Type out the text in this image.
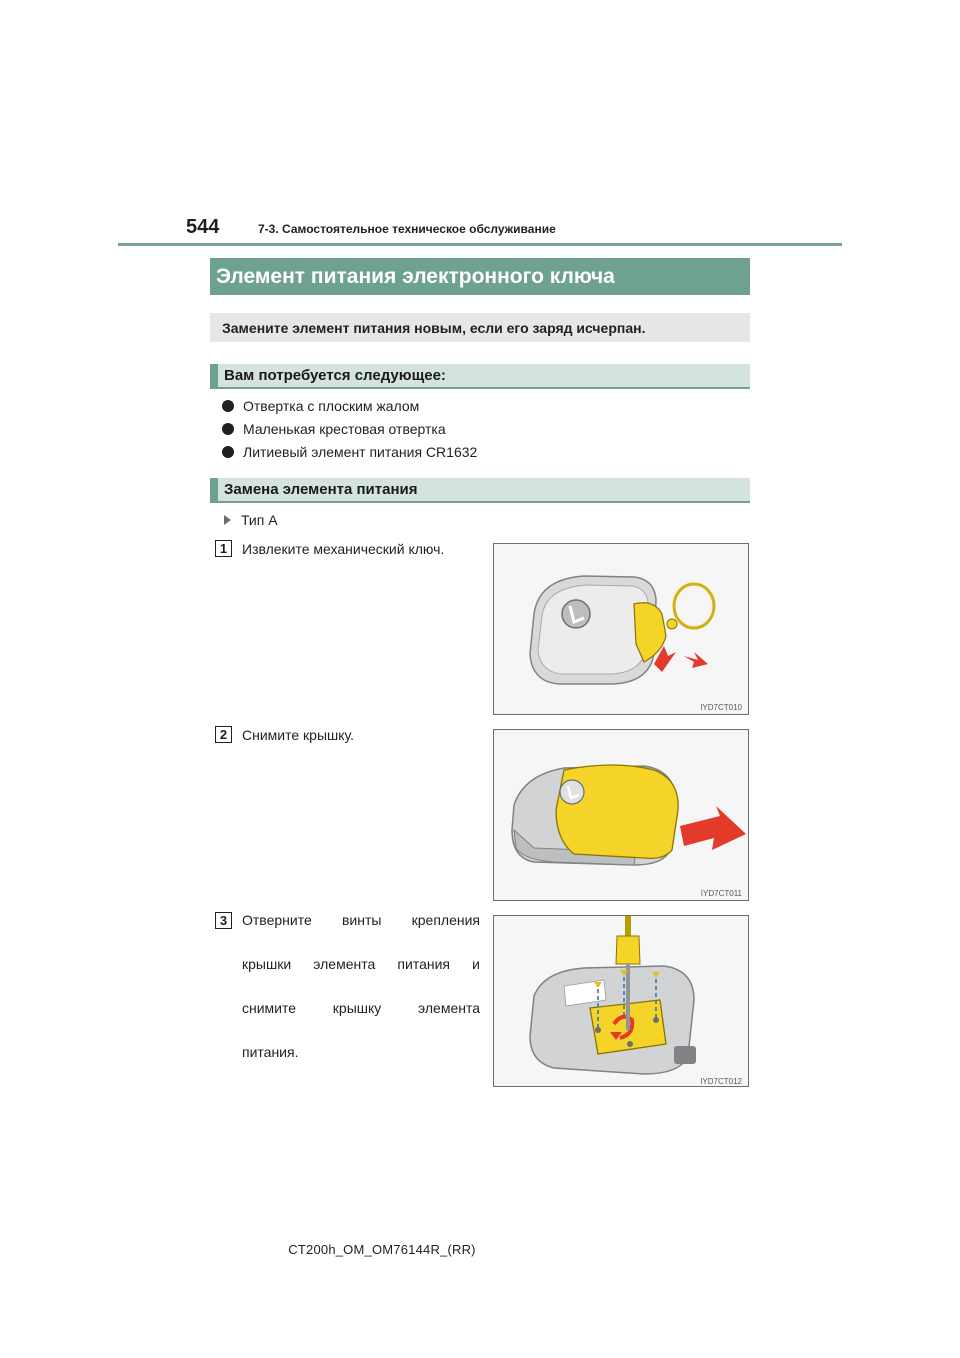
544	7-3. Самостоятельное техническое обслуживание
Элемент питания электронного ключа
Замените элемент питания новым, если его заряд исчерпан.
Вам потребуется следующее:
Отвертка с плоским жалом
Маленькая крестовая отвертка
Литиевый элемент питания CR1632
Замена элемента питания
Тип A
1	Извлеките механический ключ.
IYD7CT010
2	Снимите крышку.
IYD7CT011
3	Отверните винты крепления
крышки элемента питания и
снимите крышку элемента
питания.
IYD7CT012
CT200h_OM_OM76144R_(RR)
